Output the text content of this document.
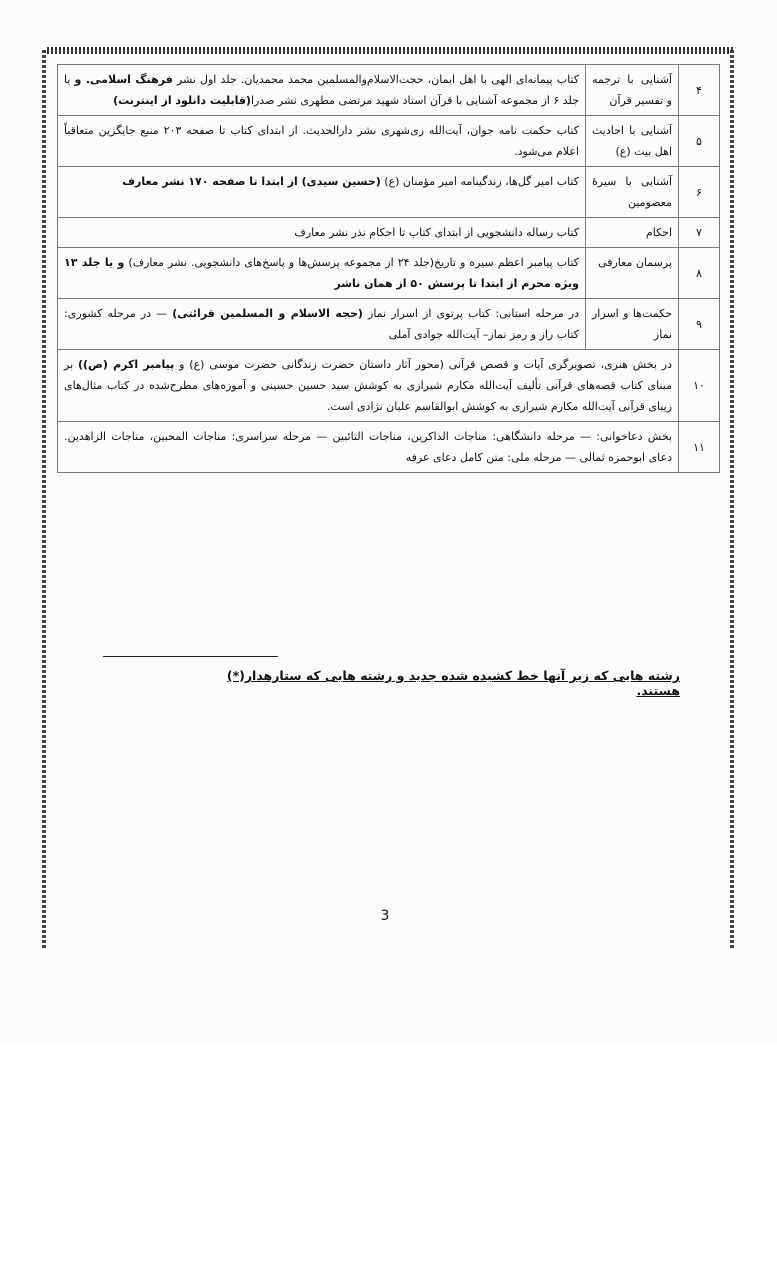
۴	آشنایی با ترجمه و تفسیر قرآن	کتاب پیمانه‌ای الهی با اهل ایمان، حجت‌الاسلام‌والمسلمین محمد محمدیان. جلد اول نشر فرهنگ اسلامی. و یا جلد ۶ از مجموعه آشنایی با قرآن استاد شهید مرتضی مطهری نشر صدرا(قابلیت دانلود از اینترنت)
۵	آشنایی با احادیث اهل بیت (ع)	کتاب حکمت نامه جوان، آیت‌الله ری‌شهری نشر دارالحدیث. از ابتدای کتاب تا صفحه ۲۰۳ منبع جایگزین متعاقباً اعلام می‌شود.
۶	آشنایی با سیرهٔ معصومین	کتاب امیر گل‌ها، زندگینامه امیر مؤمنان (ع) (حسین سیدی) از ابتدا تا صفحه ۱۷۰ نشر معارف
۷	احکام	کتاب رساله دانشجویی از ابتدای کتاب تا احکام نذر نشر معارف
۸	پرسمان معارفی	کتاب پیامبر اعظم سیره و تاریخ(جلد ۲۴ از مجموعه پرسش‌ها و پاسخ‌های دانشجویی. نشر معارف) و یا جلد ۱۳ ویژه محرم از ابتدا تا پرسش ۵۰ از همان ناشر
۹	حکمت‌ها و اسرار نماز	در مرحله استانی: کتاب پرتوی از اسرار نماز (حجه الاسلام و المسلمین قرائتی) — در مرحله کشوری: کتاب راز و رمز نماز– آیت‌الله جوادی آملی
۱۰	در بخش هنری، تصویرگری آیات و قصص قرآنی (محور آثار داستان حضرت زندگانی حضرت موسی (ع) و پیامبر اکرم (ص)) بر مبنای کتاب قصه‌های قرآنی تألیف آیت‌الله مکارم شیرازی به کوشش سید حسین حسینی و آموزه‌های مطرح‌شده در کتاب مثال‌های زیبای قرآنی آیت‌الله مکارم شیرازی به کوشش ابوالقاسم علیان نژادی است.	
۱۱	بخش دعاخوانی: — مرحله دانشگاهی: مناجات الذاکرین، مناجات التائبین — مرحله سراسری: مناجات المحبین، مناجات الزاهدین. دعای ابوحمزه ثمالی — مرحله ملی: متن کامل دعای عرفه	
رشته هایی که زیر آنها خط کشیده شده جدید و رشته هایی که ستارهدار(*) هستند.
3
